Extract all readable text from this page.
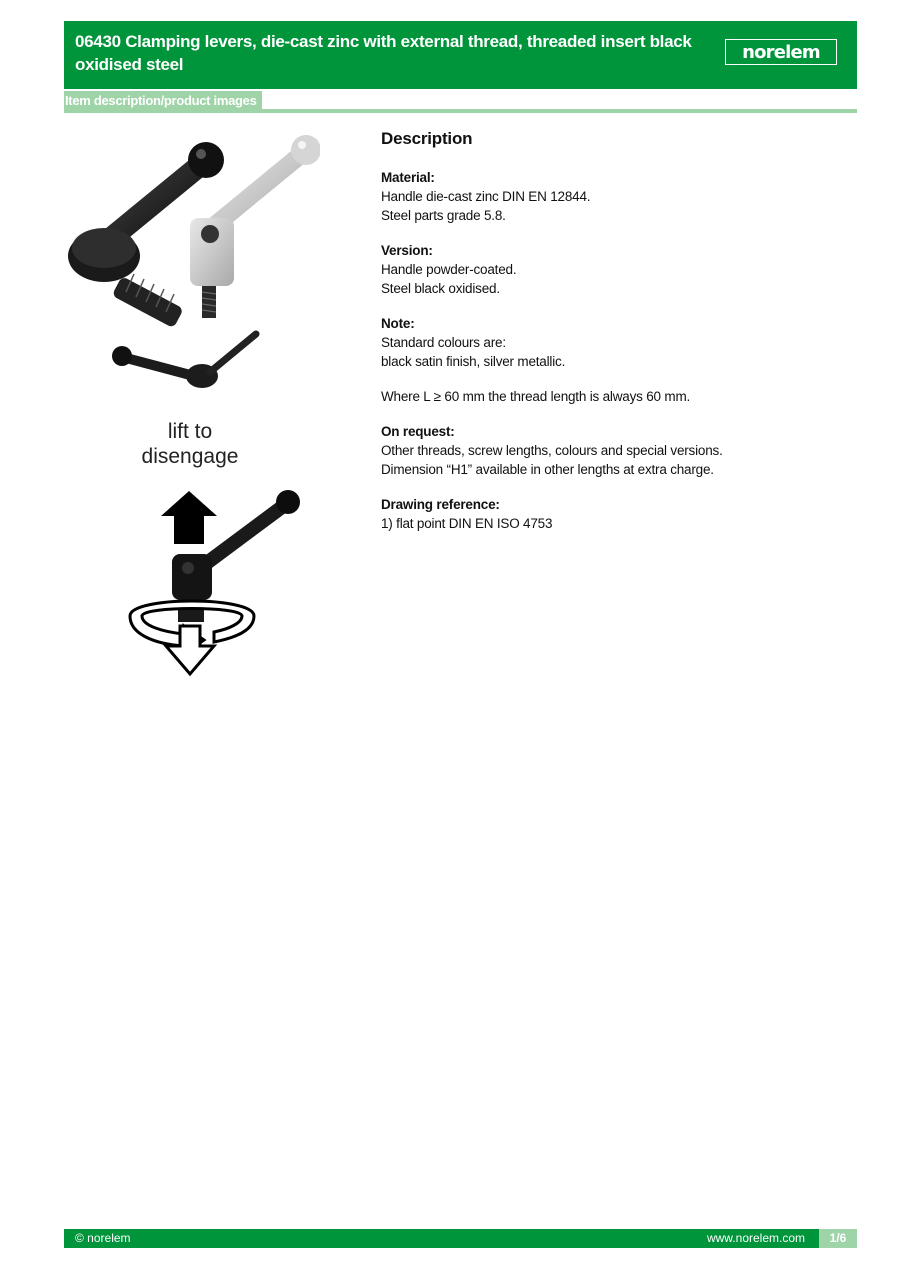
06430 Clamping levers, die-cast zinc with external thread, threaded insert black oxidised steel
norelem
Item description/product images
lift to
disengage
Description
Material:
Handle die-cast zinc DIN EN 12844.
Steel parts grade 5.8.
Version:
Handle powder-coated.
Steel black oxidised.
Note:
Standard colours are:
black satin finish, silver metallic.
Where L ≥ 60 mm the thread length is always 60 mm.
On request:
Other threads, screw lengths, colours and special versions.
Dimension “H1” available in other lengths at extra charge.
Drawing reference:
1) flat point DIN EN ISO 4753
© norelem	www.norelem.com	1/6
